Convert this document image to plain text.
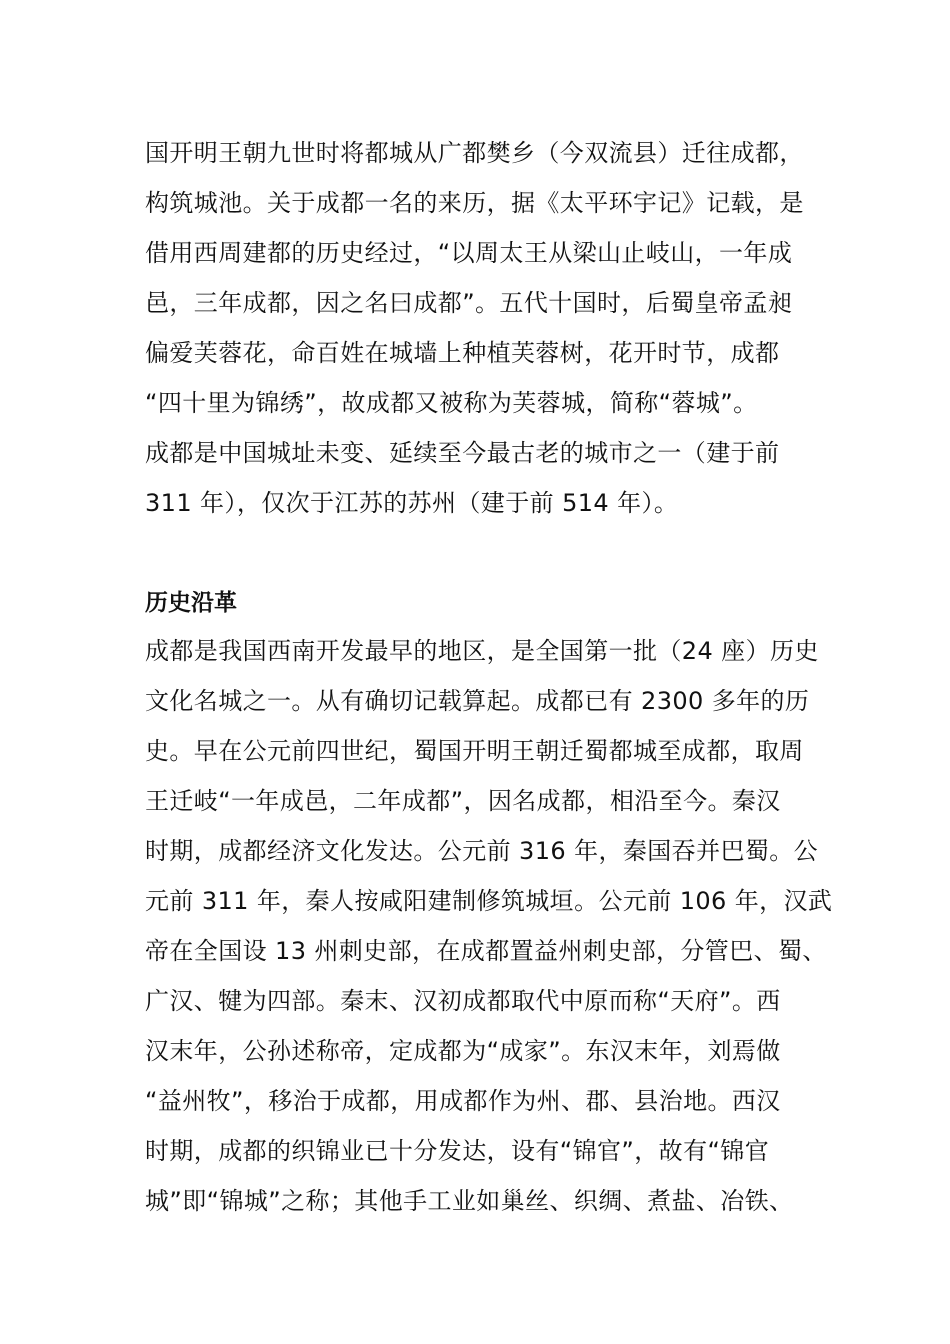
国开明王朝九世时将都城从广都樊乡（今双流县）迁往成都，
构筑城池。关于成都一名的来历，据《太平环宇记》记载，是
借用西周建都的历史经过，“以周太王从梁山止岐山，一年成
邑，三年成都，因之名曰成都”。五代十国时，后蜀皇帝孟昶
偏爱芙蓉花，命百姓在城墙上种植芙蓉树，花开时节，成都
“四十里为锦绣”，故成都又被称为芙蓉城，简称“蓉城”。
成都是中国城址未变、延续至今最古老的城市之一（建于前
311 年），仅次于江苏的苏州（建于前 514 年）。
历史沿革
成都是我国西南开发最早的地区，是全国第一批（24 座）历史
文化名城之一。从有确切记载算起。成都已有 2300 多年的历
史。早在公元前四世纪，蜀国开明王朝迁蜀都城至成都，取周
王迁岐“一年成邑，二年成都”，因名成都，相沿至今。秦汉
时期，成都经济文化发达。公元前 316 年，秦国吞并巴蜀。公
元前 311 年，秦人按咸阳建制修筑城垣。公元前 106 年，汉武
帝在全国设 13 州刺史部，在成都置益州刺史部，分管巴、蜀、
广汉、犍为四部。秦末、汉初成都取代中原而称“天府”。西
汉末年，公孙述称帝，定成都为“成家”。东汉末年，刘焉做
“益州牧”，移治于成都，用成都作为州、郡、县治地。西汉
时期，成都的织锦业已十分发达，设有“锦官”，故有“锦官
城”即“锦城”之称；其他手工业如巢丝、织绸、煮盐、冶铁、
